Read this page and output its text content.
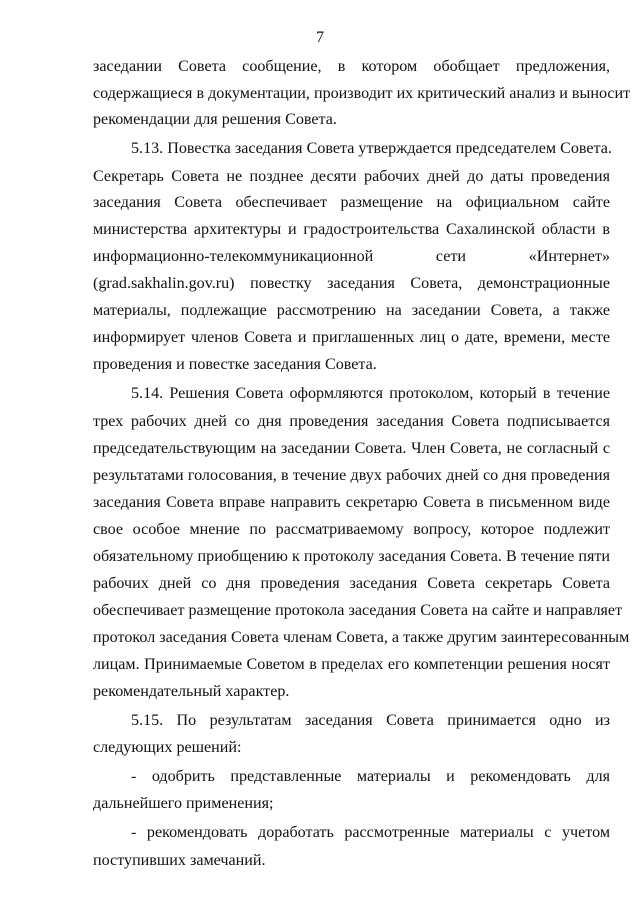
7
заседании Совета сообщение, в котором обобщает предложения,
содержащиеся в документации, производит их критический анализ и выносит
рекомендации для решения Совета.
5.13. Повестка заседания Совета утверждается председателем Совета.
Секретарь Совета не позднее десяти рабочих дней до даты проведения
заседания Совета обеспечивает размещение на официальном сайте
министерства архитектуры и градостроительства Сахалинской области в
информационно-телекоммуникационной сети «Интернет»
(grad.sakhalin.gov.ru) повестку заседания Совета, демонстрационные
материалы, подлежащие рассмотрению на заседании Совета, а также
информирует членов Совета и приглашенных лиц о дате, времени, месте
проведения и повестке заседания Совета.
5.14. Решения Совета оформляются протоколом, который в течение
трех рабочих дней со дня проведения заседания Совета подписывается
председательствующим на заседании Совета. Член Совета, не согласный с
результатами голосования, в течение двух рабочих дней со дня проведения
заседания Совета вправе направить секретарю Совета в письменном виде
свое особое мнение по рассматриваемому вопросу, которое подлежит
обязательному приобщению к протоколу заседания Совета. В течение пяти
рабочих дней со дня проведения заседания Совета секретарь Совета
обеспечивает размещение протокола заседания Совета на сайте и направляет
протокол заседания Совета членам Совета, а также другим заинтересованным
лицам. Принимаемые Советом в пределах его компетенции решения носят
рекомендательный характер.
5.15. По результатам заседания Совета принимается одно из
следующих решений:
- одобрить представленные материалы и рекомендовать для
дальнейшего применения;
- рекомендовать доработать рассмотренные материалы с учетом
поступивших замечаний.
